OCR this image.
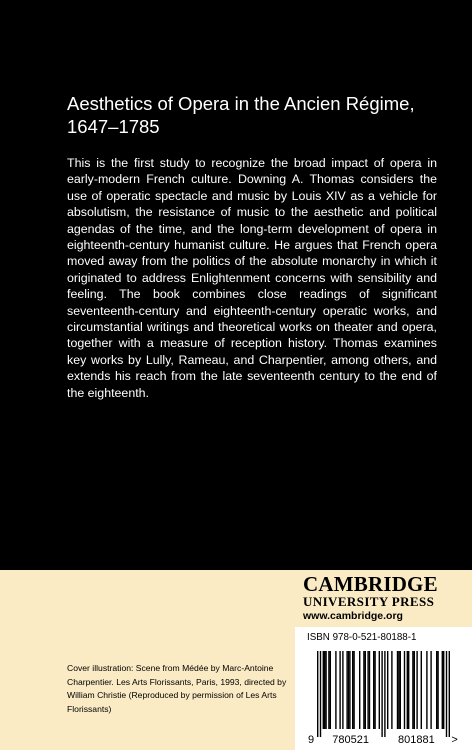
Aesthetics of Opera in the Ancien Régime, 1647–1785

This is the first study to recognize the broad impact of opera in early-modern French culture. Downing A. Thomas considers the use of operatic spectacle and music by Louis XIV as a vehicle for absolutism, the resistance of music to the aesthetic and political agendas of the time, and the long-term development of opera in eighteenth-century humanist culture. He argues that French opera moved away from the politics of the absolute monarchy in which it originated to address Enlightenment concerns with sensibility and feeling. The book combines close readings of significant seventeenth-century and eighteenth-century operatic works, and circumstantial writings and theoretical works on theater and opera, together with a measure of reception history. Thomas examines key works by Lully, Rameau, and Charpentier, among others, and extends his reach from the late seventeenth century to the end of the eighteenth.

CAMBRIDGE
UNIVERSITY PRESS
www.cambridge.org

Cover illustration: Scene from Médée by Marc-Antoine Charpentier. Les Arts Florissants, Paris, 1993, directed by William Christie (Reproduced by permission of Les Arts Florissants)

ISBN 978-0-521-80188-1
9 780521	801881 >
